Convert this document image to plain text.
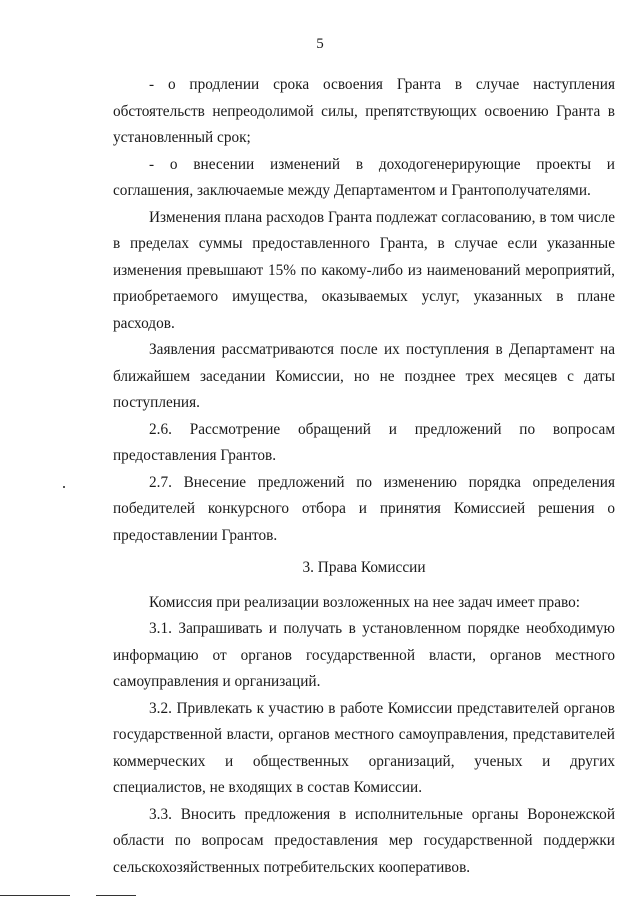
5

- о продлении срока освоения Гранта в случае наступления обстоятельств непреодолимой силы, препятствующих освоению Гранта в установленный срок;

- о внесении изменений в доходогенерирующие проекты и соглашения, заключаемые между Департаментом и Грантополучателями.

Изменения плана расходов Гранта подлежат согласованию, в том числе в пределах суммы предоставленного Гранта, в случае если указанные изменения превышают 15% по какому-либо из наименований мероприятий, приобретаемого имущества, оказываемых услуг, указанных в плане расходов.

Заявления рассматриваются после их поступления в Департамент на ближайшем заседании Комиссии, но не позднее трех месяцев с даты поступления.

2.6. Рассмотрение обращений и предложений по вопросам предоставления Грантов.

2.7. Внесение предложений по изменению порядка определения победителей конкурсного отбора и принятия Комиссией решения о предоставлении Грантов.

3. Права Комиссии

Комиссия при реализации возложенных на нее задач имеет право:

3.1. Запрашивать и получать в установленном порядке необходимую информацию от органов государственной власти, органов местного самоуправления и организаций.

3.2. Привлекать к участию в работе Комиссии представителей органов государственной власти, органов местного самоуправления, представителей коммерческих и общественных организаций, ученых и других специалистов, не входящих в состав Комиссии.

3.3. Вносить предложения в исполнительные органы Воронежской области по вопросам предоставления мер государственной поддержки сельскохозяйственных потребительских кооперативов.
